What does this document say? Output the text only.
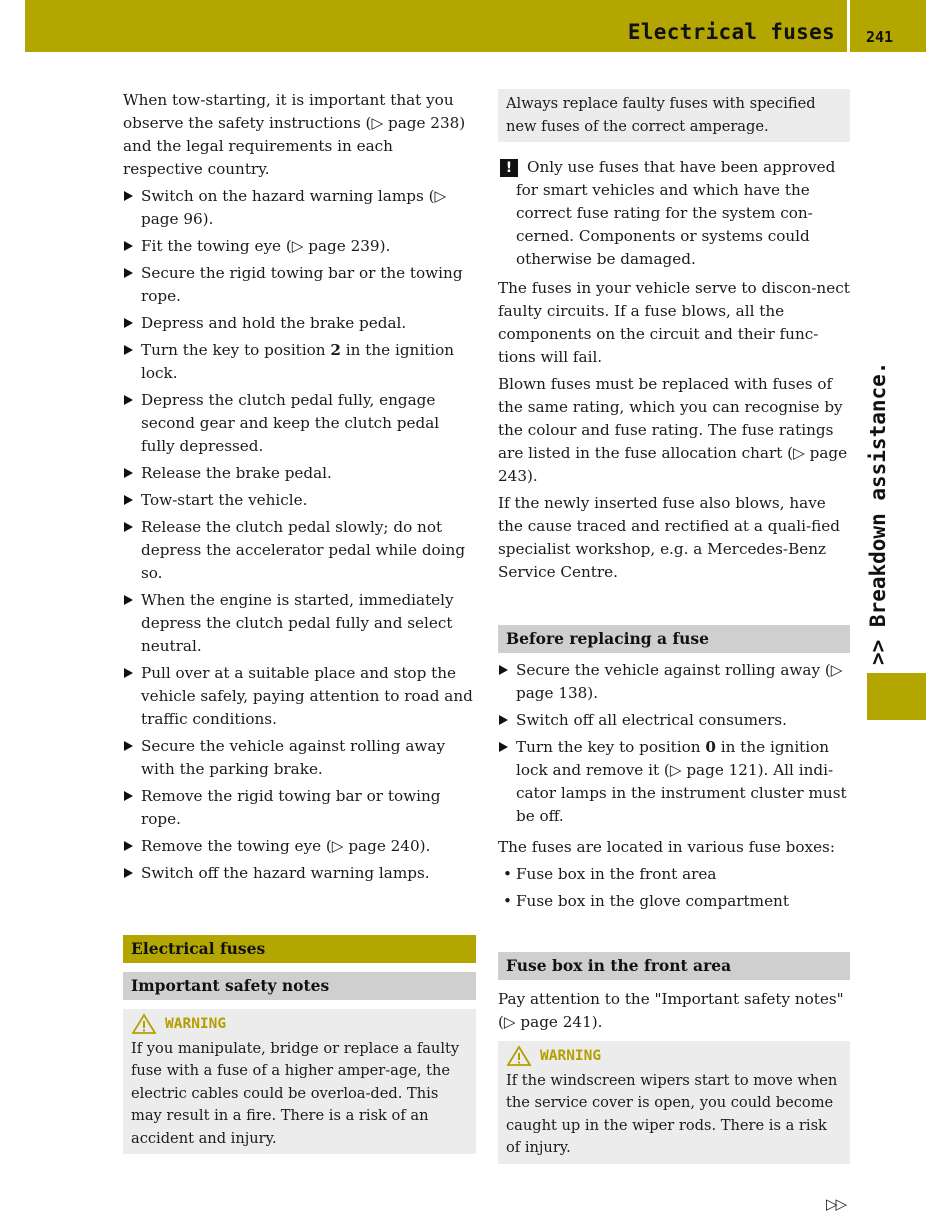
Electrical fuses 241
>> Breakdown assistance.

When tow-starting, it is important that you observe the safety instructions (▷ page 238) and the legal requirements in each respective country.

Switch on the hazard warning lamps (▷ page 96).
Fit the towing eye (▷ page 239).
Secure the rigid towing bar or the towing rope.
Depress and hold the brake pedal.
Turn the key to position 2 in the ignition lock.
Depress the clutch pedal fully, engage second gear and keep the clutch pedal fully depressed.
Release the brake pedal.
Tow-start the vehicle.
Release the clutch pedal slowly; do not depress the accelerator pedal while doing so.
When the engine is started, immediately depress the clutch pedal fully and select neutral.
Pull over at a suitable place and stop the vehicle safely, paying attention to road and traffic conditions.
Secure the vehicle against rolling away with the parking brake.
Remove the rigid towing bar or towing rope.
Remove the towing eye (▷ page 240).
Switch off the hazard warning lamps.
Electrical fuses
Important safety notes
WARNING
If you manipulate, bridge or replace a faulty fuse with a fuse of a higher amper-age, the electric cables could be overloa-ded. This may result in a fire. There is a risk of an accident and injury.
Always replace faulty fuses with specified new fuses of the correct amperage.
! Only use fuses that have been approved for smart vehicles and which have the correct fuse rating for the system con-cerned. Components or systems could otherwise be damaged.

The fuses in your vehicle serve to discon-nect faulty circuits. If a fuse blows, all the components on the circuit and their func-tions will fail.

Blown fuses must be replaced with fuses of the same rating, which you can recognise by the colour and fuse rating. The fuse ratings are listed in the fuse allocation chart (▷ page 243).

If the newly inserted fuse also blows, have the cause traced and rectified at a quali-fied specialist workshop, e.g. a Mercedes-Benz Service Centre.

Before replacing a fuse
Secure the vehicle against rolling away (▷ page 138).
Switch off all electrical consumers.
Turn the key to position 0 in the ignition lock and remove it (▷ page 121). All indi-cator lamps in the instrument cluster must be off.

The fuses are located in various fuse boxes:

• Fuse box in the front area
• Fuse box in the glove compartment
Fuse box in the front area

Pay attention to the "Important safety notes" (▷ page 241).

WARNING
If the windscreen wipers start to move when the service cover is open, you could become caught up in the wiper rods. There is a risk of injury.
▷▷
